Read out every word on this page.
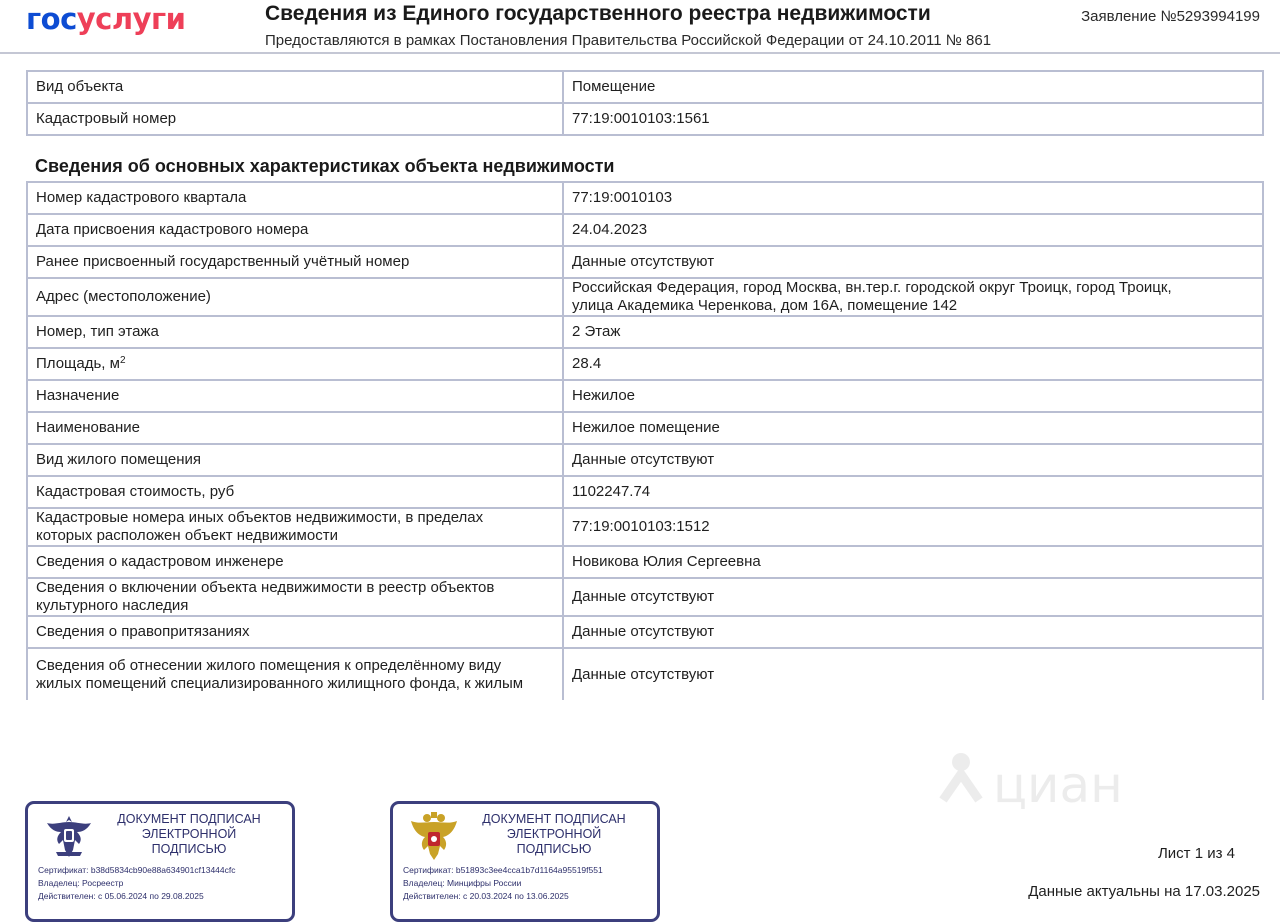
госуслуги	Сведения из Единого государственного реестра недвижимости
Предоставляются в рамках Постановления Правительства Российской Федерации от 24.10.2011 № 861
Заявление №5293994199
Вид объекта	Помещение
Кадастровый номер	77:19:0010103:1561
Сведения об основных характеристиках объекта недвижимости
Номер кадастрового квартала	77:19:0010103
Дата присвоения кадастрового номера	24.04.2023
Ранее присвоенный государственный учётный номер	Данные отсутствуют
Адрес (местоположение)	Российская Федерация, город Москва, вн.тер.г. городской округ Троицк, город Троицк,
улица Академика Черенкова, дом 16А, помещение 142

Номер, тип этажа	2 Этаж
Площадь, $м^2$	28.4
Назначение	Нежилое
Наименование	Нежилое помещение
Вид жилого помещения	Данные отсутствуют
Кадастровая стоимость, руб	1102247.74

Кадастровые номера иных объектов недвижимости, в пределах
которых расположен объект недвижимости	77:19:0010103:1512
Сведения о кадастровом инженере	Новикова Юлия Сергеевна

Сведения о включении объекта недвижимости в реестр объектов
культурного наследия	Данные отсутствуют
Сведения о правопритязаниях	Данные отсутствуют

Сведения об отнесении жилого помещения к определённому виду
жилых помещений специализированного жилищного фонда, к жилым	Данные отсутствуют
циан
ДОКУМЕНТ ПОДПИСАН
ЭЛЕКТРОННОЙ
ПОДПИСЬЮ
Сертификат: b38d5834cb90e88a634901cf13444cfc
Владелец: Росреестр
Действителен: с 05.06.2024 по 29.08.2025
ДОКУМЕНТ ПОДПИСАН
ЭЛЕКТРОННОЙ
ПОДПИСЬЮ
Сертификат: b51893c3ee4cca1b7d1164a95519f551
Владелец: Минцифры России
Действителен: с 20.03.2024 по 13.06.2025
Лист 1 из 4
Данные актуальны на 17.03.2025
